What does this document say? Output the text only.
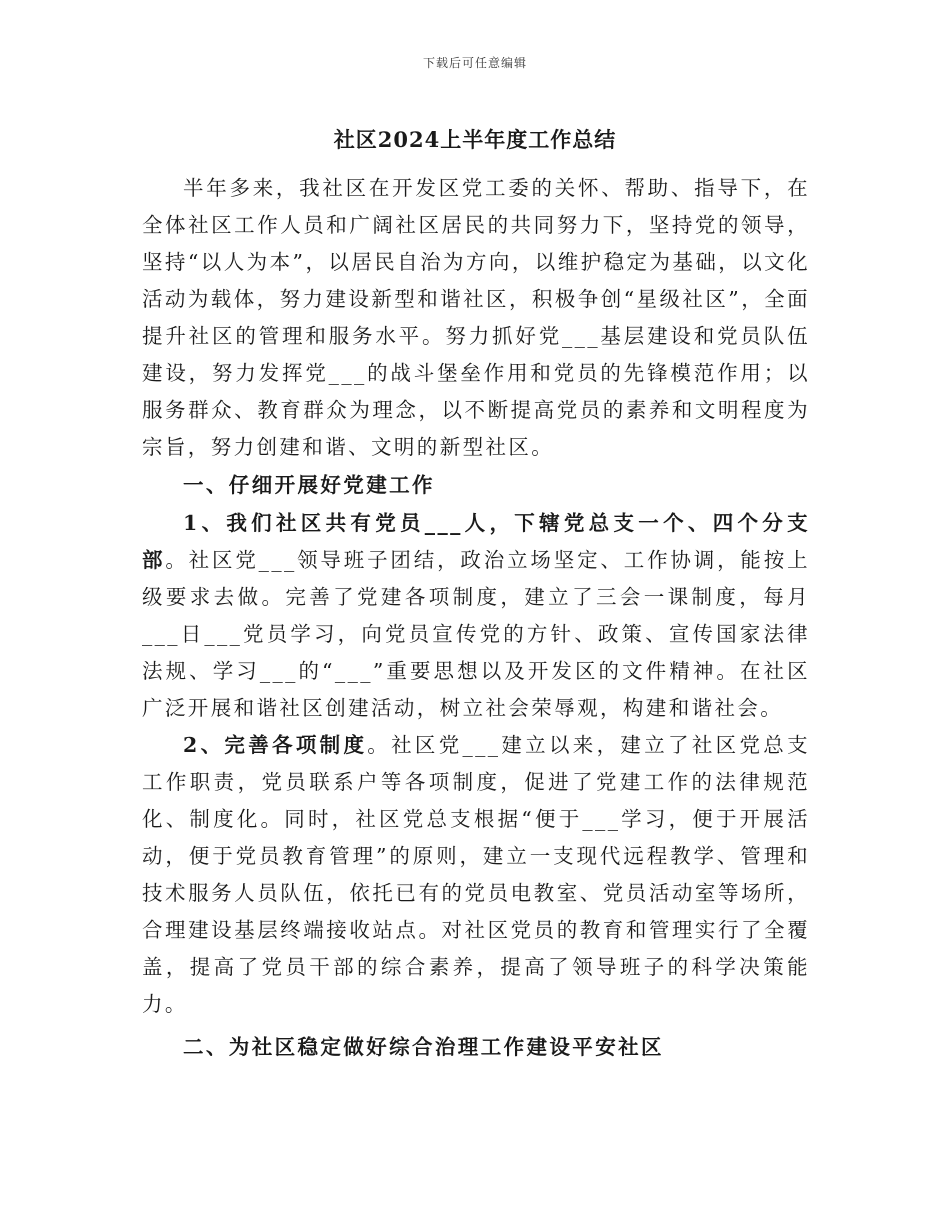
下载后可任意编辑
社区2024上半年度工作总结

半年多来，我社区在开发区党工委的关怀、帮助、指导下，在全体社区工作人员和广阔社区居民的共同努力下，坚持党的领导，坚持“以人为本”，以居民自治为方向，以维护稳定为基础，以文化活动为载体，努力建设新型和谐社区，积极争创“星级社区”，全面提升社区的管理和服务水平。努力抓好党___基层建设和党员队伍建设，努力发挥党___的战斗堡垒作用和党员的先锋模范作用；以服务群众、教育群众为理念，以不断提高党员的素养和文明程度为宗旨，努力创建和谐、文明的新型社区。

一、仔细开展好党建工作

1、我们社区共有党员___人，下辖党总支一个、四个分支部。社区党___领导班子团结，政治立场坚定、工作协调，能按上级要求去做。完善了党建各项制度，建立了三会一课制度，每月___日___党员学习，向党员宣传党的方针、政策、宣传国家法律法规、学习___的“___”重要思想以及开发区的文件精神。在社区广泛开展和谐社区创建活动，树立社会荣辱观，构建和谐社会。

2、完善各项制度。社区党___建立以来，建立了社区党总支工作职责，党员联系户等各项制度，促进了党建工作的法律规范化、制度化。同时，社区党总支根据“便于___学习，便于开展活动，便于党员教育管理”的原则，建立一支现代远程教学、管理和技术服务人员队伍，依托已有的党员电教室、党员活动室等场所，合理建设基层终端接收站点。对社区党员的教育和管理实行了全覆盖，提高了党员干部的综合素养，提高了领导班子的科学决策能力。

二、为社区稳定做好综合治理工作建设平安社区
